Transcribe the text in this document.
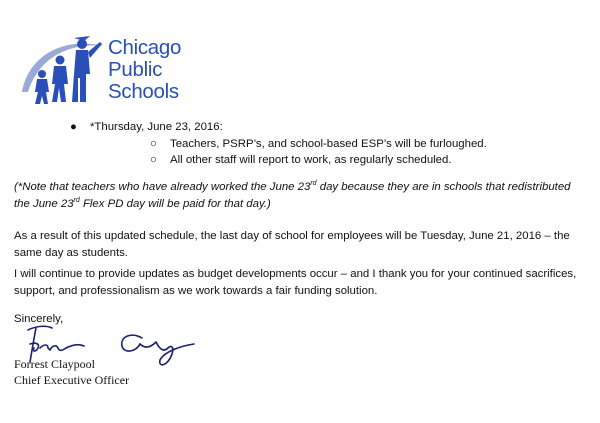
Chicago
Public
Schools
● *Thursday, June 23, 2016:
○ Teachers, PSRP’s, and school-based ESP’s will be furloughed.
○ All other staff will report to work, as regularly scheduled.
(*Note that teachers who have already worked the June 23rd day because they are in schools that redistributed
the June 23rd Flex PD day will be paid for that day.)
As a result of this updated schedule, the last day of school for employees will be Tuesday, June 21, 2016 – the
same day as students.
I will continue to provide updates as budget developments occur – and I thank you for your continued sacrifices,
support, and professionalism as we work towards a fair funding solution.
Sincerely,
Forrest Claypool
Chief Executive Officer
